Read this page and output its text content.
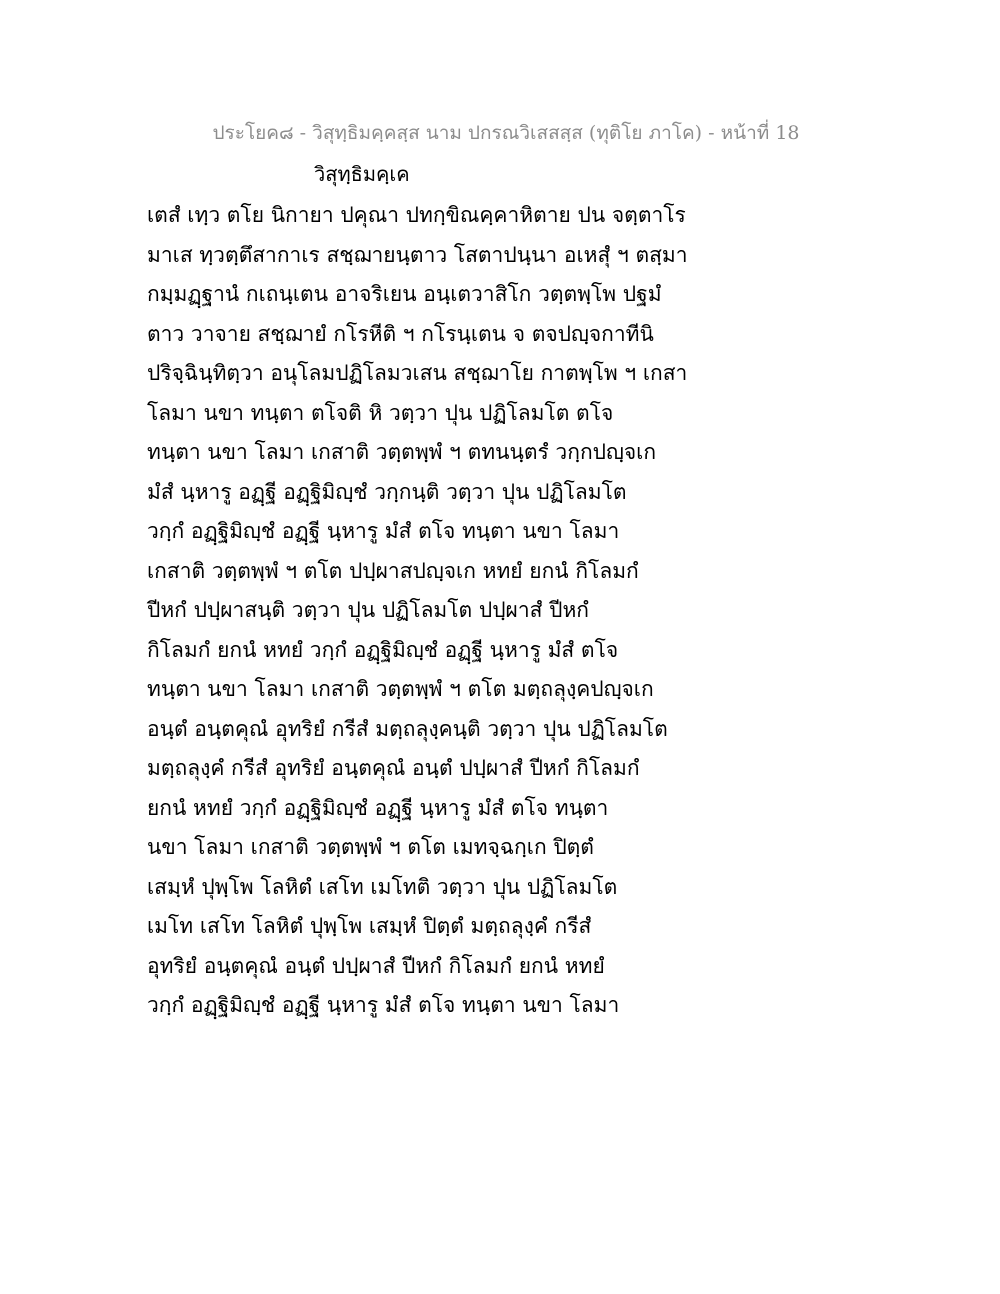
ประโยค๘ - วิสุทฺธิมคฺคสฺส นาม ปกรณวิเสสสฺส (ทุติโย ภาโค) - หน้าที่ 18
วิสุทฺธิมคฺเค
เตสํ เทฺว ตโย นิกายา ปคุณา ปทกฺขิณคฺคาหิตาย ปน จตฺตาโร
มาเส ทฺวตฺตึสากาเร สชฺฌายนฺตาว โสตาปนฺนา อเหสุํ ฯ ตสฺมา
กมฺมฏฺฐานํ กเถนฺเตน อาจริเยน อนฺเตวาสิโก วตฺตพฺโพ ปฐมํ
ตาว วาจาย สชฺฌายํ กโรหีติ ฯ กโรนฺเตน จ ตจปญฺจกาทีนิ
ปริจฺฉินฺทิตฺวา อนุโลมปฏิโลมวเสน สชฺฌาโย กาตพฺโพ ฯ เกสา
โลมา นขา ทนฺตา ตโจติ หิ วตฺวา ปุน ปฏิโลมโต ตโจ
ทนฺตา นขา โลมา เกสาติ วตฺตพฺพํ ฯ ตทนนฺตรํ วกฺกปญฺจเก
มํสํ นฺหารู อฏฺฐี อฏฺฐิมิญฺชํ วกฺกนฺติ วตฺวา ปุน ปฏิโลมโต
วกฺกํ อฏฺฐิมิญฺชํ อฏฺฐี นฺหารู มํสํ ตโจ ทนฺตา นขา โลมา
เกสาติ วตฺตพฺพํ ฯ ตโต ปปฺผาสปญฺจเก หทยํ ยกนํ กิโลมกํ
ปีหกํ ปปฺผาสนฺติ วตฺวา ปุน ปฏิโลมโต ปปฺผาสํ ปีหกํ
กิโลมกํ ยกนํ หทยํ วกฺกํ อฏฺฐิมิญฺชํ อฏฺฐี นฺหารู มํสํ ตโจ
ทนฺตา นขา โลมา เกสาติ วตฺตพฺพํ ฯ ตโต มตฺถลุงฺคปญฺจเก
อนฺตํ อนฺตคุณํ อุทริยํ กรีสํ มตฺถลุงฺคนฺติ วตฺวา ปุน ปฏิโลมโต
มตฺถลุงฺคํ กรีสํ อุทริยํ อนฺตคุณํ อนฺตํ ปปฺผาสํ ปีหกํ กิโลมกํ
ยกนํ หทยํ วกฺกํ อฏฺฐิมิญฺชํ อฏฺฐี นฺหารู มํสํ ตโจ ทนฺตา
นขา โลมา เกสาติ วตฺตพฺพํ ฯ ตโต เมทจฺฉกฺเก ปิตฺตํ
เสมฺหํ ปุพฺโพ โลหิตํ เสโท เมโทติ วตฺวา ปุน ปฏิโลมโต
เมโท เสโท โลหิตํ ปุพฺโพ เสมฺหํ ปิตฺตํ มตฺถลุงฺคํ กรีสํ
อุทริยํ อนฺตคุณํ อนฺตํ ปปฺผาสํ ปีหกํ กิโลมกํ ยกนํ หทยํ
วกฺกํ อฏฺฐิมิญฺชํ อฏฺฐี นฺหารู มํสํ ตโจ ทนฺตา นขา โลมา
